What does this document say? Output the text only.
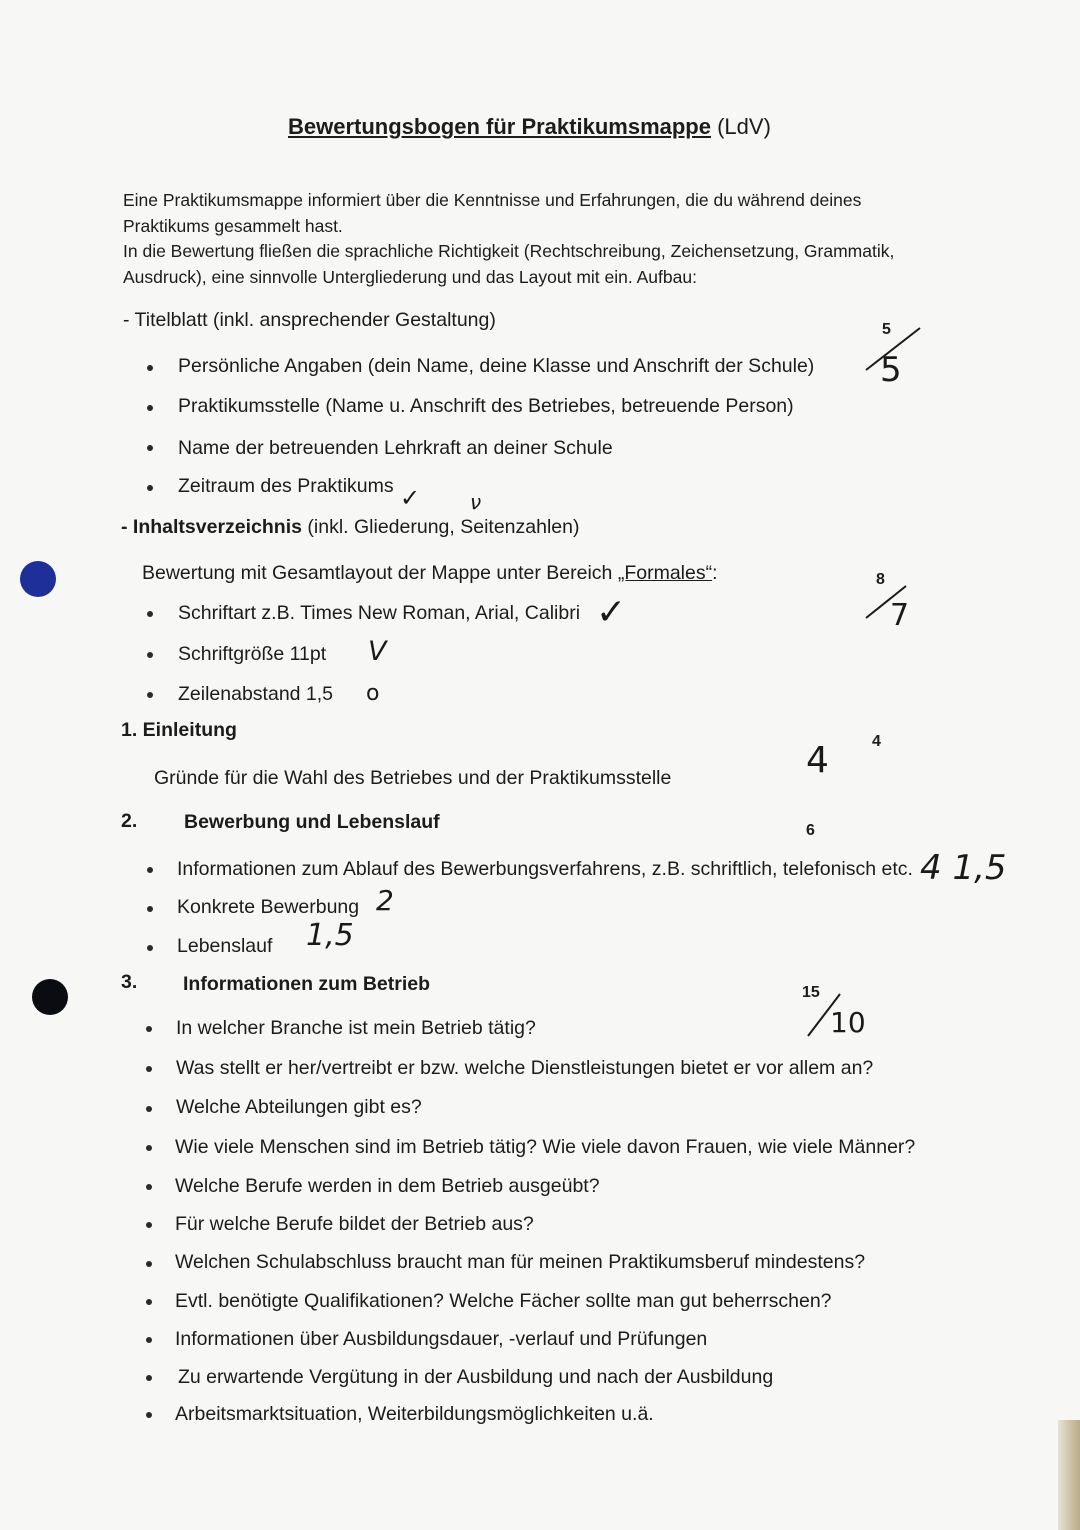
Bewertungsbogen für Praktikumsmappe (LdV)
Eine Praktikumsmappe informiert über die Kenntnisse und Erfahrungen, die du während deines Praktikums gesammelt hast.
In die Bewertung fließen die sprachliche Richtigkeit (Rechtschreibung, Zeichensetzung, Grammatik, Ausdruck), eine sinnvolle Untergliederung und das Layout mit ein. Aufbau:
- Titelblatt (inkl. ansprechender Gestaltung)
Persönliche Angaben (dein Name, deine Klasse und Anschrift der Schule)
Praktikumsstelle (Name u. Anschrift des Betriebes, betreuende Person)
Name der betreuenden Lehrkraft an deiner Schule
Zeitraum des Praktikums ✓ ν
5
5
- Inhaltsverzeichnis (inkl. Gliederung, Seitenzahlen)
Bewertung mit Gesamtlayout der Mappe unter Bereich „Formales“:
Schriftart z.B. Times New Roman, Arial, Calibri ✓
Schriftgröße 11pt V
Zeilenabstand 1,5 o
8
7
1. Einleitung
Gründe für die Wahl des Betriebes und der Praktikumsstelle
4
4
2. Bewerbung und Lebenslauf	6
Informationen zum Ablauf des Bewerbungsverfahrens, z.B. schriftlich, telefonisch etc. 4 1,5
Konkrete Bewerbung 2
Lebenslauf 1,5
3. Informationen zum Betrieb	15
10
In welcher Branche ist mein Betrieb tätig?
Was stellt er her/vertreibt er bzw. welche Dienstleistungen bietet er vor allem an?
Welche Abteilungen gibt es?
Wie viele Menschen sind im Betrieb tätig? Wie viele davon Frauen, wie viele Männer?
Welche Berufe werden in dem Betrieb ausgeübt?
Für welche Berufe bildet der Betrieb aus?
Welchen Schulabschluss braucht man für meinen Praktikumsberuf mindestens?
Evtl. benötigte Qualifikationen? Welche Fächer sollte man gut beherrschen?
Informationen über Ausbildungsdauer, -verlauf und Prüfungen
Zu erwartende Vergütung in der Ausbildung und nach der Ausbildung
Arbeitsmarktsituation, Weiterbildungsmöglichkeiten u.ä.
